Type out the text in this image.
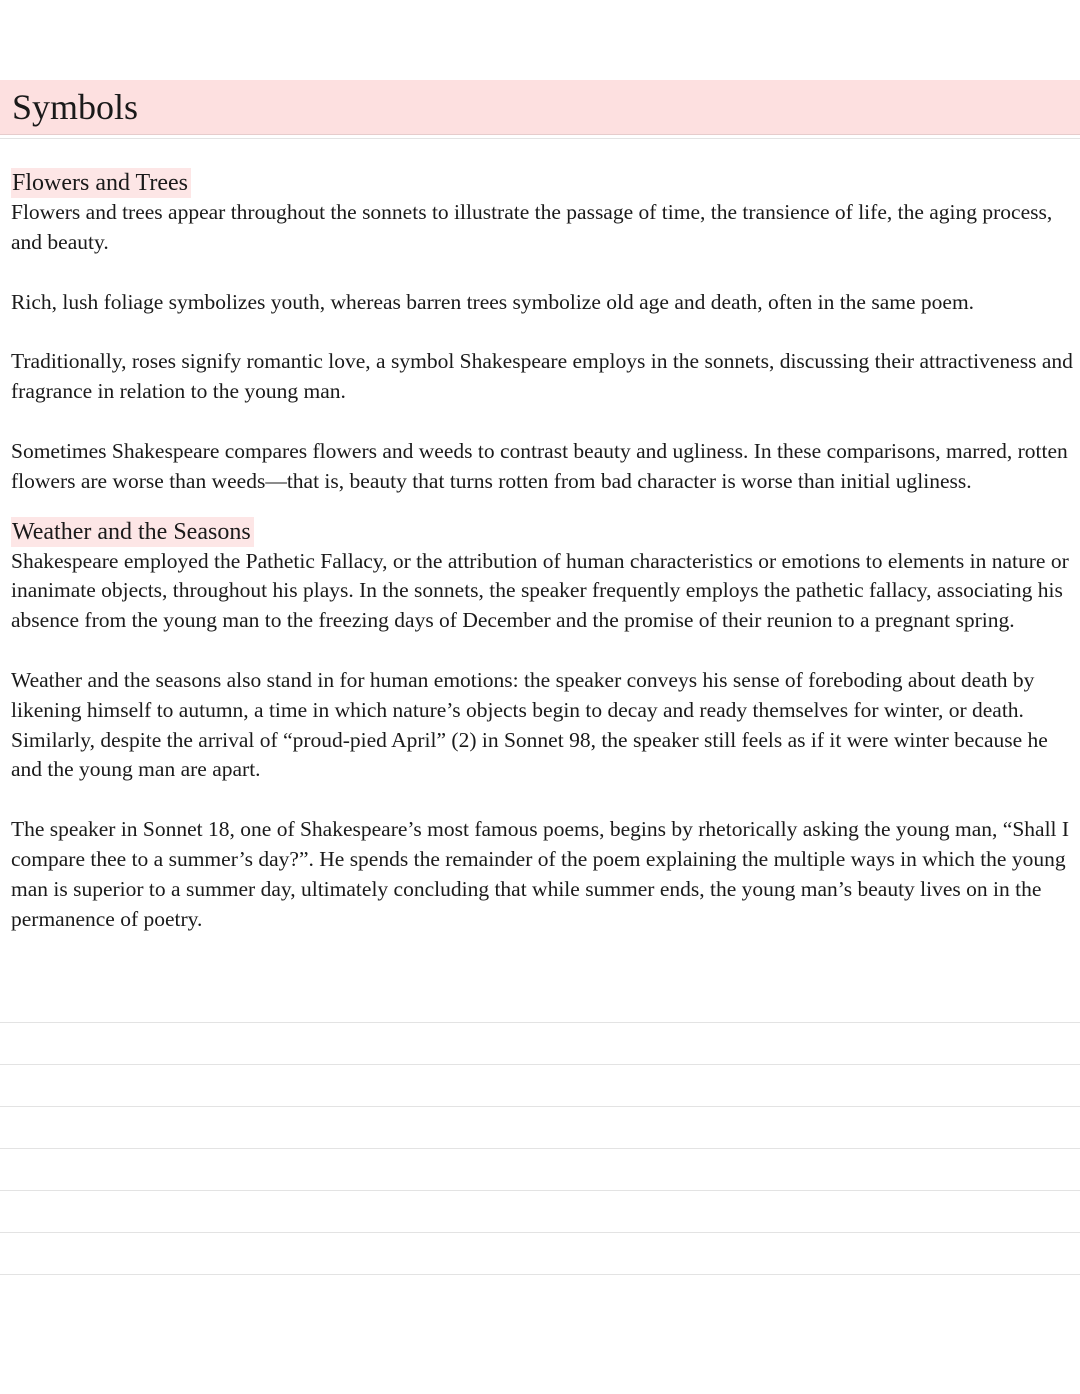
Symbols
Flowers and Trees

Flowers and trees appear throughout the sonnets to illustrate the passage of time, the transience of life, the aging process, and beauty.

Rich, lush foliage symbolizes youth, whereas barren trees symbolize old age and death, often in the same poem.

Traditionally, roses signify romantic love, a symbol Shakespeare employs in the sonnets, discussing their attractiveness and fragrance in relation to the young man.

Sometimes Shakespeare compares flowers and weeds to contrast beauty and ugliness. In these comparisons, marred, rotten flowers are worse than weeds—that is, beauty that turns rotten from bad character is worse than initial ugliness.

Weather and the Seasons

Shakespeare employed the Pathetic Fallacy, or the attribution of human characteristics or emotions to elements in nature or inanimate objects, throughout his plays. In the sonnets, the speaker frequently employs the pathetic fallacy, associating his absence from the young man to the freezing days of December and the promise of their reunion to a pregnant spring.

Weather and the seasons also stand in for human emotions: the speaker conveys his sense of foreboding about death by likening himself to autumn, a time in which nature’s objects begin to decay and ready themselves for winter, or death. Similarly, despite the arrival of “proud-pied April” (2) in Sonnet 98, the speaker still feels as if it were winter because he and the young man are apart.

The speaker in Sonnet 18, one of Shakespeare’s most famous poems, begins by rhetorically asking the young man, “Shall I compare thee to a summer’s day?”. He spends the remainder of the poem explaining the multiple ways in which the young man is superior to a summer day, ultimately concluding that while summer ends, the young man’s beauty lives on in the permanence of poetry.
